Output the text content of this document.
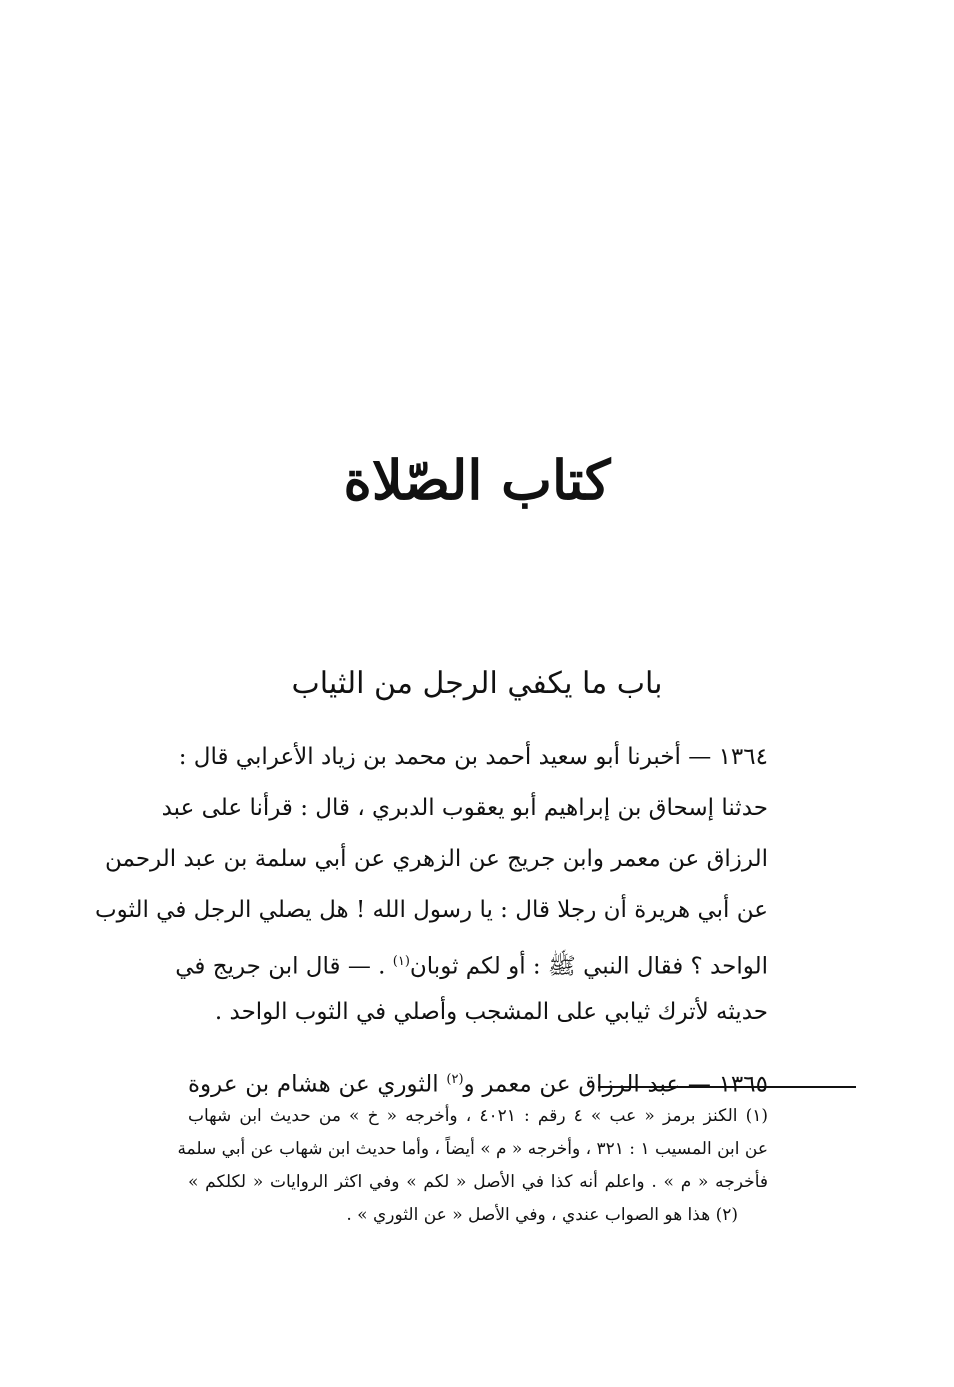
كتاب الصّلاة
باب ما يكفي الرجل من الثياب
١٣٦٤ — أخبرنا أبو سعيد أحمد بن محمد بن زياد الأعرابي قال :
حدثنا إسحاق بن إبراهيم أبو يعقوب الدبري ، قال : قرأنا على عبد
الرزاق عن معمر وابن جريج عن الزهري عن أبي سلمة بن عبد الرحمن
عن أبي هريرة أن رجلا قال : يا رسول الله ! هل يصلي الرجل في الثوب
الواحد ؟ فقال النبي ﷺ : أو لكم ثوبان$^{(١)}$ . — قال ابن جريج في
حديثه لأترك ثيابي على المشجب وأصلي في الثوب الواحد .
١٣٦٥ — عبد الرزاق عن معمر و$^{(٢)}$ الثوري عن هشام بن عروة
(١) الكنز برمز « عب » ٤ رقم : ٤٠٢١ ، وأخرجه « خ » من حديث ابن شهاب
عن ابن المسيب ١ : ٣٢١ ، وأخرجه « م » أيضاً ، وأما حديث ابن شهاب عن أبي سلمة
فأخرجه « م » . واعلم أنه كذا في الأصل « لكم » وفي اكثر الروايات « لكلكم »
(٢) هذا هو الصواب عندي ، وفي الأصل « عن الثوري » .
